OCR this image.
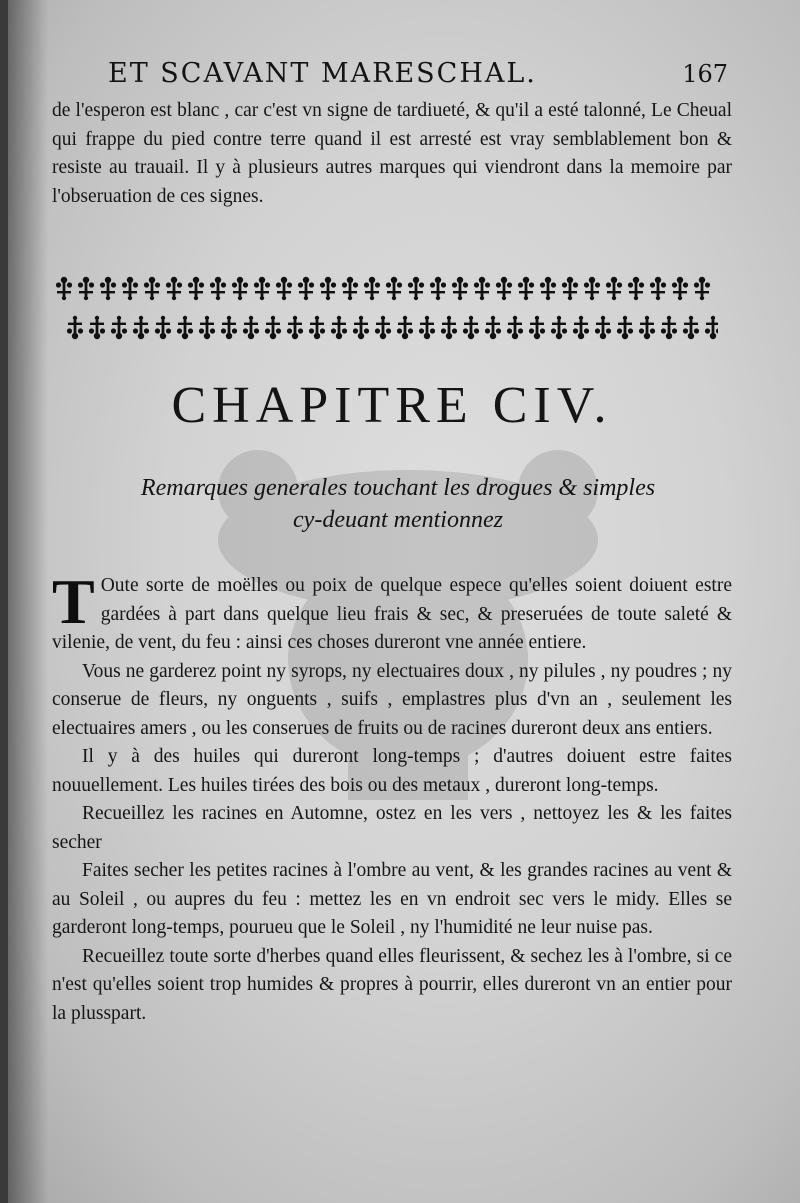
ET SCAVANT MARESCHAL.	167

de l'esperon est blanc , car c'est vn signe de tardiueté, & qu'il a esté talonné, Le Cheual qui frappe du pied contre terre quand il est arresté est vray semblablement bon & resiste au trauail. Il y à plusieurs autres marques qui viendront dans la memoire par l'obseruation de ces signes.

CHAPITRE CIV.
Remarques generales touchant les drogues & simples
cy-deuant mentionnez

T Oute sorte de moëlles ou poix de quelque espece qu'elles soient doiuent estre gardées à part dans quelque lieu frais & sec, & preseruées de toute saleté & vilenie, de vent, du feu : ainsi ces choses dureront vne année entiere.

Vous ne garderez point ny syrops, ny electuaires doux , ny pilules , ny poudres ; ny conserue de fleurs, ny onguents , suifs , emplastres plus d'vn an , seulement les electuaires amers , ou les conserues de fruits ou de racines dureront deux ans entiers.

Il y à des huiles qui dureront long-temps ; d'autres doiuent estre faites nouuellement. Les huiles tirées des bois ou des metaux , dureront long-temps.

Recueillez les racines en Automne, ostez en les vers , nettoyez les & les faites secher

Faites secher les petites racines à l'ombre au vent, & les grandes racines au vent & au Soleil , ou aupres du feu : mettez les en vn endroit sec vers le midy. Elles se garderont long-temps, pourueu que le Soleil , ny l'humidité ne leur nuise pas.

Recueillez toute sorte d'herbes quand elles fleurissent, & sechez les à l'ombre, si ce n'est qu'elles soient trop humides & propres à pourrir, elles dureront vn an entier pour la plusspart.
